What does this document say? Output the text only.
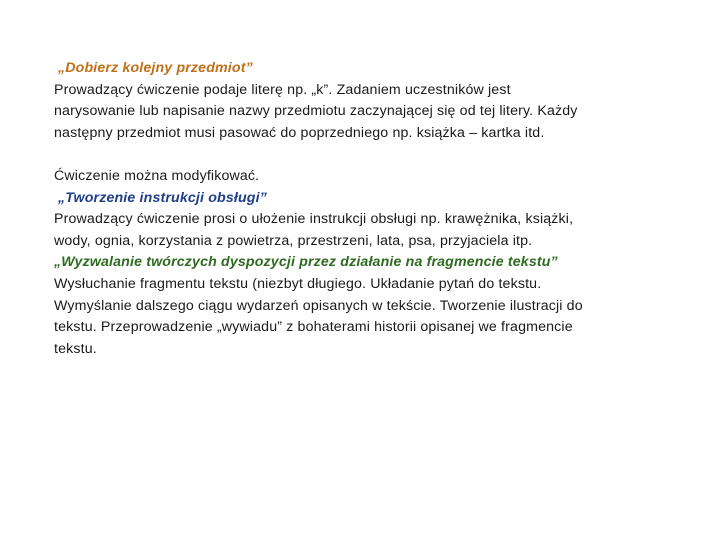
„Dobierz kolejny przedmiot”
Prowadzący ćwiczenie podaje literę np. „k”. Zadaniem uczestników jest
narysowanie lub napisanie nazwy przedmiotu zaczynającej się od tej litery. Każdy
następny przedmiot musi pasować do poprzedniego np. książka – kartka itd.
Ćwiczenie można modyfikować.
„Tworzenie instrukcji obsługi”
Prowadzący ćwiczenie prosi o ułożenie instrukcji obsługi np. krawężnika, książki,
wody, ognia, korzystania z powietrza, przestrzeni, lata, psa, przyjaciela itp.
„Wyzwalanie twórczych dyspozycji przez działanie na fragmencie tekstu”
Wysłuchanie fragmentu tekstu (niezbyt długiego. Układanie pytań do tekstu.
Wymyślanie dalszego ciągu wydarzeń opisanych w tekście. Tworzenie ilustracji do
tekstu. Przeprowadzenie „wywiadu” z bohaterami historii opisanej we fragmencie
tekstu.
